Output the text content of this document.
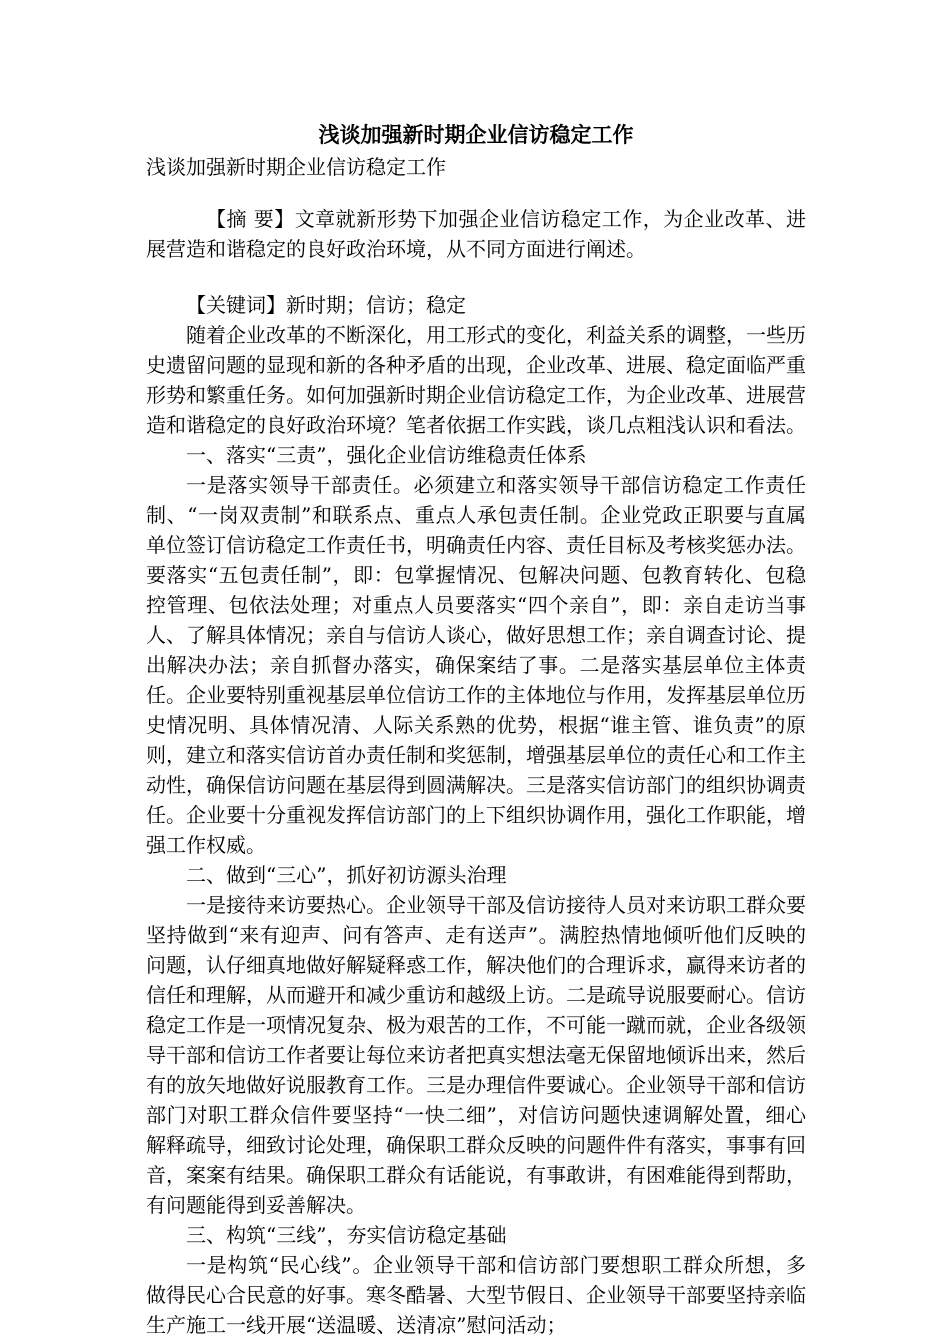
浅谈加强新时期企业信访稳定工作

浅谈加强新时期企业信访稳定工作

【摘 要】文章就新形势下加强企业信访稳定工作，为企业改革、进展营造和谐稳定的良好政治环境，从不同方面进行阐述。

【关键词】新时期；信访；稳定

随着企业改革的不断深化，用工形式的变化，利益关系的调整，一些历史遗留问题的显现和新的各种矛盾的出现，企业改革、进展、稳定面临严重形势和繁重任务。如何加强新时期企业信访稳定工作，为企业改革、进展营造和谐稳定的良好政治环境？笔者依据工作实践，谈几点粗浅认识和看法。

一、落实“三责”，强化企业信访维稳责任体系

一是落实领导干部责任。必须建立和落实领导干部信访稳定工作责任制、“一岗双责制”和联系点、重点人承包责任制。企业党政正职要与直属单位签订信访稳定工作责任书，明确责任内容、责任目标及考核奖惩办法。要落实“五包责任制”，即：包掌握情况、包解决问题、包教育转化、包稳控管理、包依法处理；对重点人员要落实“四个亲自”，即：亲自走访当事人、了解具体情况；亲自与信访人谈心，做好思想工作；亲自调查讨论、提出解决办法；亲自抓督办落实，确保案结了事。二是落实基层单位主体责任。企业要特别重视基层单位信访工作的主体地位与作用，发挥基层单位历史情况明、具体情况清、人际关系熟的优势，根据“谁主管、谁负责”的原则，建立和落实信访首办责任制和奖惩制，增强基层单位的责任心和工作主动性，确保信访问题在基层得到圆满解决。三是落实信访部门的组织协调责任。企业要十分重视发挥信访部门的上下组织协调作用，强化工作职能，增强工作权威。

二、做到“三心”，抓好初访源头治理

一是接待来访要热心。企业领导干部及信访接待人员对来访职工群众要坚持做到“来有迎声、问有答声、走有送声”。满腔热情地倾听他们反映的问题，认仔细真地做好解疑释惑工作，解决他们的合理诉求，赢得来访者的信任和理解，从而避开和减少重访和越级上访。二是疏导说服要耐心。信访稳定工作是一项情况复杂、极为艰苦的工作，不可能一蹴而就，企业各级领导干部和信访工作者要让每位来访者把真实想法毫无保留地倾诉出来，然后有的放矢地做好说服教育工作。三是办理信件要诚心。企业领导干部和信访部门对职工群众信件要坚持“一快二细”，对信访问题快速调解处置，细心解释疏导，细致讨论处理，确保职工群众反映的问题件件有落实，事事有回音，案案有结果。确保职工群众有话能说，有事敢讲，有困难能得到帮助，有问题能得到妥善解决。

三、构筑“三线”，夯实信访稳定基础

一是构筑“民心线”。企业领导干部和信访部门要想职工群众所想，多做得民心合民意的好事。寒冬酷暑、大型节假日、企业领导干部要坚持亲临生产施工一线开展“送温暖、送清凉”慰问活动；
